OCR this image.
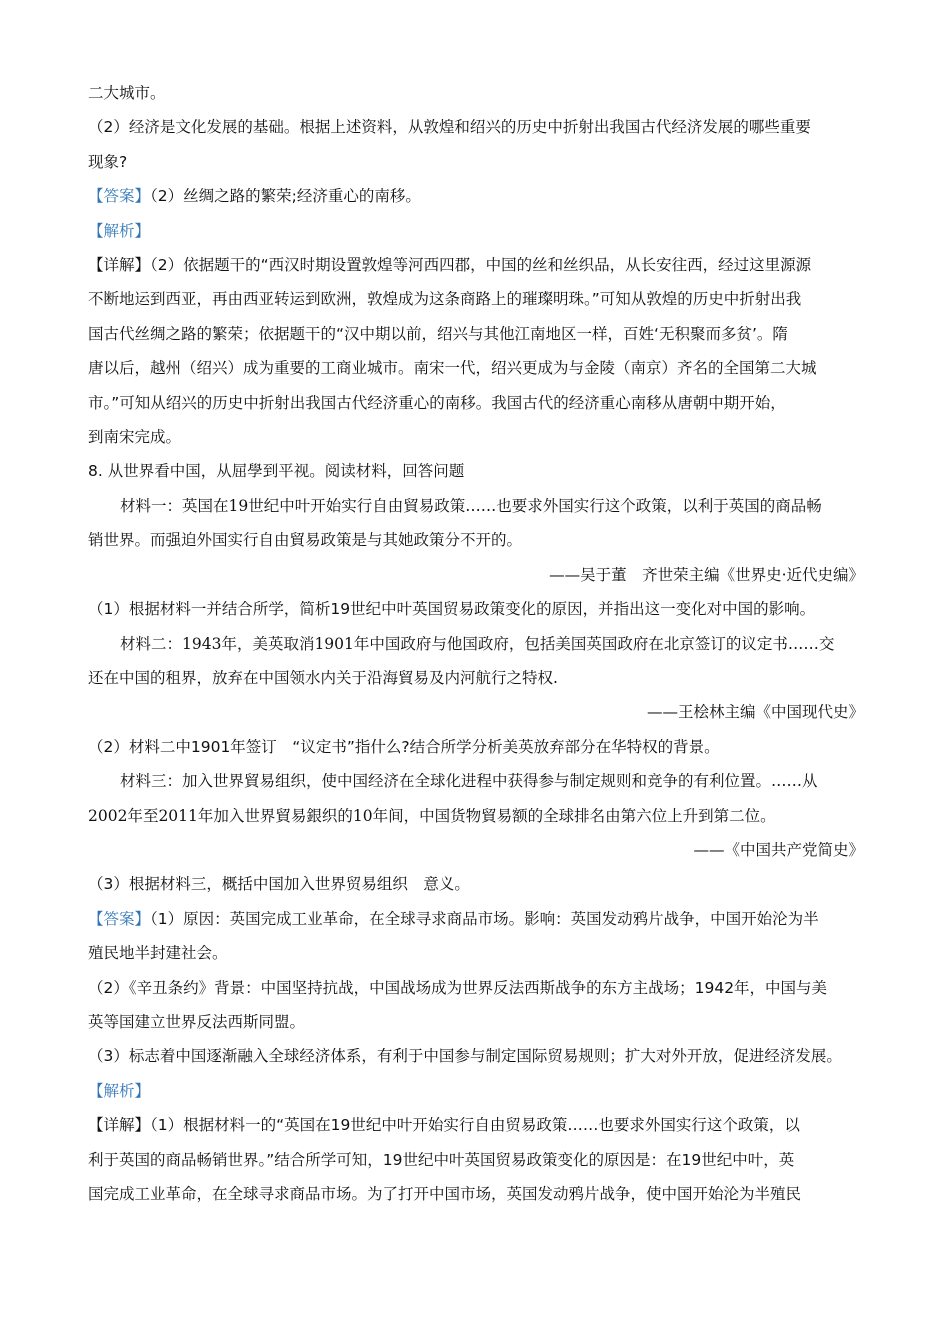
二大城市。

（2）经济是文化发展的基础。根据上述资料，从敦煌和绍兴的历史中折射出我国古代经济发展的哪些重要

现象?

【答案】（2）丝绸之路的繁荣;经济重心的南移。

【解析】

【详解】（2）依据题干的“西汉时期设置敦煌等河西四郡，中国的丝和丝织品，从长安往西，经过这里源源

不断地运到西亚，再由西亚转运到欧洲，敦煌成为这条商路上的璀璨明珠。”可知从敦煌的历史中折射出我

国古代丝绸之路的繁荣；依据题干的“汉中期以前，绍兴与其他江南地区一样，百姓‘无积聚而多贫’。隋

唐以后，越州（绍兴）成为重要的工商业城市。南宋一代，绍兴更成为与金陵（南京）齐名的全国第二大城

市。”可知从绍兴的历史中折射出我国古代经济重心的南移。我国古代的经济重心南移从唐朝中期开始，

到南宋完成。

8. 从世界看中国，从屈學到平视。阅读材料，回答问题

材料一：英国在19世纪中叶开始实行自由貿易政策……也要求外国实行这个政策，以利于英国的商品畅

销世界。而强迫外国实行自由貿易政策是与其她政策分不开的。

——吴于董　齐世荣主编《世界史·近代史编》

（1）根据材料一并结合所学，简析19世纪中叶英国贸易政策变化的原因，并指出这一变化对中国的影响。

材料二：1943年，美英取消1901年中国政府与他国政府，包括美国英国政府在北京签订的议定书……交

还在中国的租界，放弃在中国领水内关于沿海貿易及内河航行之特权.

——王桧林主编《中国现代史》

（2）材料二中1901年签订　“议定书”指什么?结合所学分析美英放弃部分在华特权的背景。

材料三：加入世界貿易组织，使中国经济在全球化进程中获得参与制定规则和竞争的有利位置。……从

2002年至2011年加入世界貿易銀织的10年间，中国货物貿易额的全球排名由第六位上升到第二位。

——《中国共产党简史》

（3）根据材料三，概括中国加入世界贸易组织　意义。

【答案】（1）原因：英国完成工业革命，在全球寻求商品市场。影响：英国发动鸦片战争，中国开始沦为半

殖民地半封建社会。

（2）《辛丑条约》背景：中国坚持抗战，中国战场成为世界反法西斯战争的东方主战场；1942年，中国与美

英等国建立世界反法西斯同盟。

（3）标志着中国逐渐融入全球经济体系，有利于中国参与制定国际贸易规则；扩大对外开放，促进经济发展。

【解析】

【详解】（1）根据材料一的“英国在19世纪中叶开始实行自由贸易政策……也要求外国实行这个政策，以

利于英国的商品畅销世界。”结合所学可知，19世纪中叶英国贸易政策变化的原因是：在19世纪中叶，英

国完成工业革命，在全球寻求商品市场。为了打开中国市场，英国发动鸦片战争，使中国开始沦为半殖民
